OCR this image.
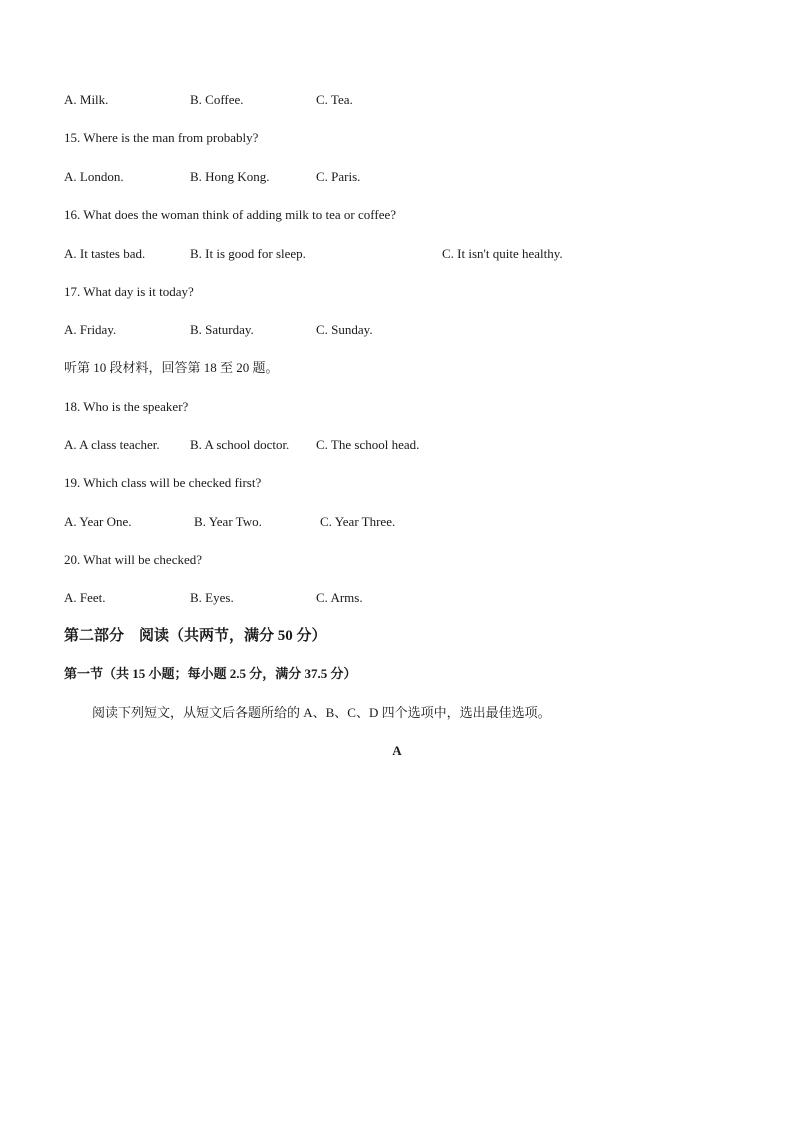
A. Milk.	B. Coffee.	C. Tea.
15. Where is the man from probably?
A. London.	B. Hong Kong.	C. Paris.
16. What does the woman think of adding milk to tea or coffee?
A. It tastes bad.	B. It is good for sleep.	C. It isn't quite healthy.
17. What day is it today?
A. Friday.	B. Saturday.	C. Sunday.
听第 10 段材料，回答第 18 至 20 题。
18. Who is the speaker?
A. A class teacher. B. A school doctor. C. The school head.
19. Which class will be checked first?
A. Year One.	B. Year Two.	C. Year Three.
20. What will be checked?
A. Feet.	B. Eyes.	C. Arms.
第二部分　阅读（共两节，满分 50 分）
第一节（共 15 小题；每小题 2.5 分，满分 37.5 分）
阅读下列短文，从短文后各题所给的 A、B、C、D 四个选项中，选出最佳选项。
A
